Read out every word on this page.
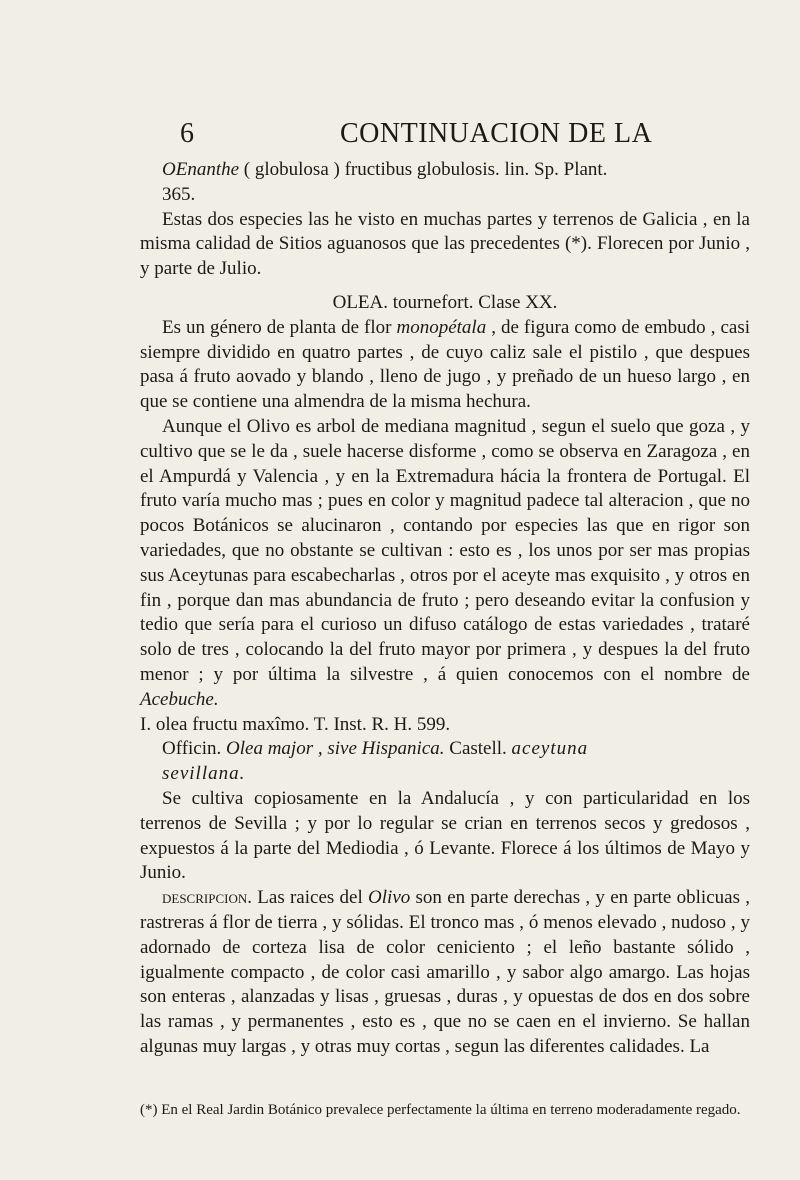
6	CONTINUACION DE LA

OEnanthe ( globulosa ) fructibus globulosis. lin. Sp. Plant.

365.

Estas dos especies las he visto en muchas partes y terrenos de Galicia , en la misma calidad de Sitios aguanosos que las precedentes (*). Florecen por Junio , y parte de Julio.

OLEA. tournefort. Clase XX.

Es un género de planta de flor monopétala , de figura como de embudo , casi siempre dividido en quatro partes , de cuyo caliz sale el pistilo , que despues pasa á fruto aovado y blando , lleno de jugo , y preñado de un hueso largo , en que se contiene una almendra de la misma hechura.

Aunque el Olivo es arbol de mediana magnitud , segun el suelo que goza , y cultivo que se le da , suele hacerse disforme , como se observa en Zaragoza , en el Ampurdá y Valencia , y en la Extremadura hácia la frontera de Portugal. El fruto varía mucho mas ; pues en color y magnitud padece tal alteracion , que no pocos Botánicos se alucinaron , contando por especies las que en rigor son variedades, que no obstante se cultivan : esto es , los unos por ser mas propias sus Aceytunas para escabecharlas , otros por el aceyte mas exquisito , y otros en fin , porque dan mas abundancia de fruto ; pero deseando evitar la confusion y tedio que sería para el curioso un difuso catálogo de estas variedades , trataré solo de tres , colocando la del fruto mayor por primera , y despues la del fruto menor ; y por última la silvestre , á quien conocemos con el nombre de Acebuche.

I. olea fructu maxîmo. T. Inst. R. H. 599.

Officin. Olea major , sive Hispanica. Castell. aceytuna

sevillana.

Se cultiva copiosamente en la Andalucía , y con particularidad en los terrenos de Sevilla ; y por lo regular se crian en terrenos secos y gredosos , expuestos á la parte del Mediodia , ó Levante. Florece á los últimos de Mayo y Junio.

descripcion. Las raices del Olivo son en parte derechas , y en parte oblicuas , rastreras á flor de tierra , y sólidas. El tronco mas , ó menos elevado , nudoso , y adornado de corteza lisa de color ceniciento ; el leño bastante sólido , igualmente compacto , de color casi amarillo , y sabor algo amargo. Las hojas son enteras , alanzadas y lisas , gruesas , duras , y opuestas de dos en dos sobre las ramas , y permanentes , esto es , que no se caen en el invierno. Se hallan algunas muy largas , y otras muy cortas , segun las diferentes calidades. La

(*) En el Real Jardin Botánico prevalece perfectamente la última en terreno moderadamente regado.
